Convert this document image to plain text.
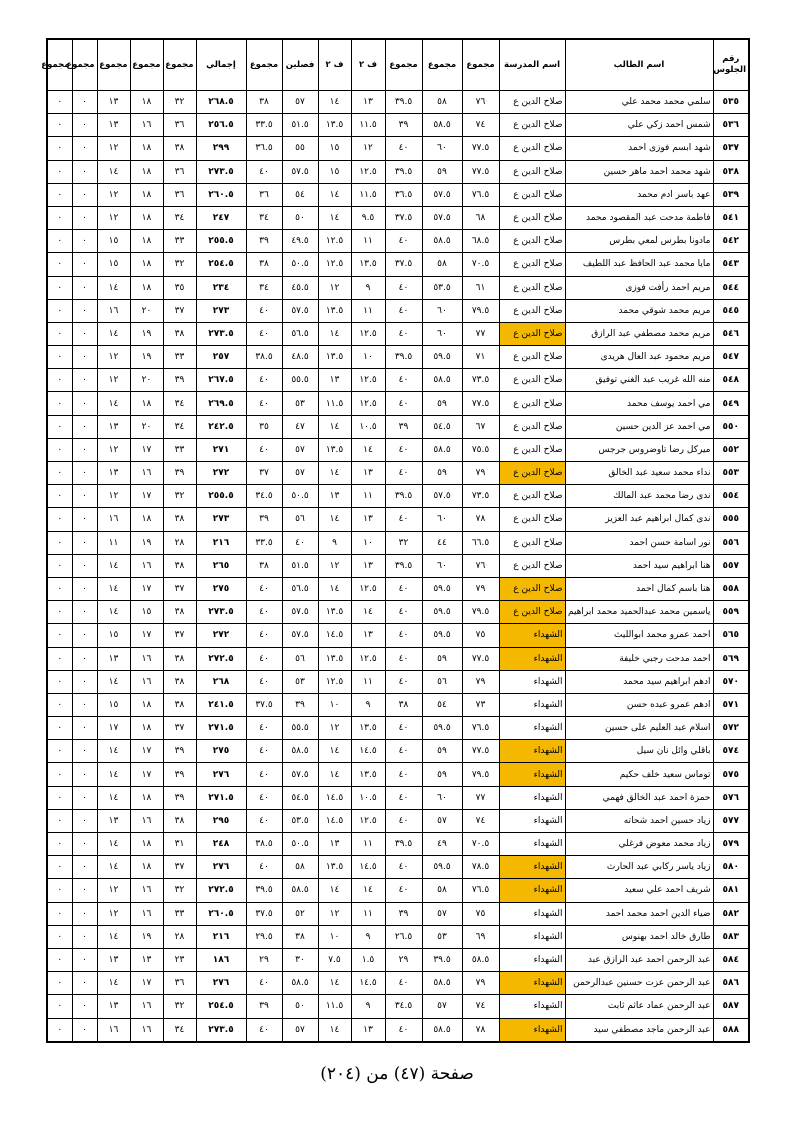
رقم الجلوس	اسم الطالب	اسم المدرسة	مجموع	مجموع	مجموع	ف ٢	ف ٢	فصلين	مجموع	إجمالي	مجموع	مجموع	مجموع	مجموع	مجموع
٥٣٥	سلمي محمد محمد علي	صلاح الدين ع	٧٦	٥٨	٣٩.٥	١٣	١٤	٥٧	٣٨	٢٦٨.٥	٣٢	١٨	١٣	٠	٠
٥٣٦	شمس احمد زكي علي	صلاح الدين ع	٧٤	٥٨.٥	٣٩	١١.٥	١٣.٥	٥١.٥	٣٣.٥	٢٥٦.٥	٣٦	١٦	١٣	٠	٠
٥٣٧	شهد ابسم فوزى احمد	صلاح الدين ع	٧٧.٥	٦٠	٤٠	١٢	١٥	٥٥	٣٦.٥	٢٩٩	٣٨	١٨	١٢	٠	٠
٥٣٨	شهد محمد احمد ماهر حسين	صلاح الدين ع	٧٧.٥	٥٩	٣٩.٥	١٢.٥	١٥	٥٧.٥	٤٠	٢٧٣.٥	٣٦	١٨	١٤	٠	٠
٥٣٩	عهد باسر ادم محمد	صلاح الدين ع	٧٦.٥	٥٧.٥	٣٦.٥	١١.٥	١٤	٥٤	٣٦	٢٦٠.٥	٣٦	١٨	١٢	٠	٠
٥٤١	فاطمة مدحت عبد المقصود محمد	صلاح الدين ع	٦٨	٥٧.٥	٣٧.٥	٩.٥	١٤	٥٠	٣٤	٢٤٧	٣٤	١٨	١٢	٠	٠
٥٤٢	مادونا بطرس لمعي بطرس	صلاح الدين ع	٦٨.٥	٥٨.٥	٤٠	١١	١٢.٥	٤٩.٥	٣٩	٢٥٥.٥	٣٣	١٨	١٥	٠	٠
٥٤٣	مايا محمد عبد الحافظ عبد اللطيف	صلاح الدين ع	٧٠.٥	٥٨	٣٧.٥	١٣.٥	١٢.٥	٥٠.٥	٣٨	٢٥٤.٥	٣٢	١٨	١٥	٠	٠
٥٤٤	مريم احمد رأفت فوزى	صلاح الدين ع	٦١	٥٣.٥	٤٠	٩	١٢	٤٥.٥	٣٤	٢٣٤	٣٥	١٨	١٤	٠	٠
٥٤٥	مريم محمد شوقي محمد	صلاح الدين ع	٧٩.٥	٦٠	٤٠	١١	١٣.٥	٥٧.٥	٤٠	٢٧٣	٣٧	٢٠	١٦	٠	٠
٥٤٦	مريم محمد مصطفي عبد الرازق	صلاح الدين ع	٧٧	٦٠	٤٠	١٢.٥	١٤	٥٦.٥	٤٠	٢٧٣.٥	٣٨	١٩	١٤	٠	٠
٥٤٧	مريم محمود عبد العال هريدى	صلاح الدين ع	٧١	٥٩.٥	٣٩.٥	١٠	١٣.٥	٤٨.٥	٣٨.٥	٢٥٧	٣٣	١٩	١٢	٠	٠
٥٤٨	منه الله غريب عبد الغني توفيق	صلاح الدين ع	٧٣.٥	٥٨.٥	٤٠	١٢.٥	١٣	٥٥.٥	٤٠	٢٦٧.٥	٣٩	٢٠	١٢	٠	٠
٥٤٩	مي احمد يوسف محمد	صلاح الدين ع	٧٧.٥	٥٩	٤٠	١٢.٥	١١.٥	٥٣	٤٠	٢٦٩.٥	٣٤	١٨	١٤	٠	٠
٥٥٠	مي احمد عز الدين حسين	صلاح الدين ع	٦٧	٥٤.٥	٣٩	١٠.٥	١٤	٤٧	٣٥	٢٤٢.٥	٣٤	٢٠	١٣	٠	٠
٥٥٢	ميركل رضا تاوضروس جرجس	صلاح الدين ع	٧٥.٥	٥٨.٥	٤٠	١٤	١٣.٥	٥٧	٤٠	٢٧١	٣٣	١٧	١٢	٠	٠
٥٥٣	نداء محمد سعيد عبد الخالق	صلاح الدين ع	٧٩	٥٩	٤٠	١٣	١٤	٥٧	٣٧	٢٧٢	٣٩	١٦	١٣	٠	٠
٥٥٤	ندى رضا محمد عبد المالك	صلاح الدين ع	٧٣.٥	٥٧.٥	٣٩.٥	١١	١٣	٥٠.٥	٣٤.٥	٢٥٥.٥	٣٢	١٧	١٢	٠	٠
٥٥٥	ندى كمال ابراهيم عبد العزيز	صلاح الدين ع	٧٨	٦٠	٤٠	١٣	١٤	٥٦	٣٩	٢٧٣	٣٨	١٨	١٦	٠	٠
٥٥٦	نور اسامة حسن احمد	صلاح الدين ع	٦٦.٥	٤٤	٣٢	١٠	٩	٤٠	٣٣.٥	٢١٦	٢٨	١٩	١١	٠	٠
٥٥٧	هنا ابراهيم سيد احمد	صلاح الدين ع	٧٦	٦٠	٣٩.٥	١٣	١٢	٥١.٥	٣٨	٢٦٥	٣٨	١٦	١٤	٠	٠
٥٥٨	هنا باسم كمال احمد	صلاح الدين ع	٧٩	٥٩.٥	٤٠	١٢.٥	١٤	٥٦.٥	٤٠	٢٧٥	٣٧	١٧	١٤	٠	٠
٥٥٩	ياسمين محمد عبدالحميد محمد ابراهيم	صلاح الدين ع	٧٩.٥	٥٩.٥	٤٠	١٤	١٣.٥	٥٧.٥	٤٠	٢٧٣.٥	٣٨	١٥	١٤	٠	٠
٥٦٥	احمد عمرو محمد ابوالليث	الشهداء	٧٥	٥٩.٥	٤٠	١٣	١٤.٥	٥٧.٥	٤٠	٢٧٢	٣٧	١٧	١٥	٠	٠
٥٦٩	احمد مدحت رجبي خليفة	الشهداء	٧٧.٥	٥٩	٤٠	١٢.٥	١٣.٥	٥٦	٤٠	٢٧٢.٥	٣٨	١٦	١٣	٠	٠
٥٧٠	ادهم ابراهيم سيد محمد	الشهداء	٧٩	٥٦	٤٠	١١	١٢.٥	٥٣	٤٠	٢٦٨	٣٨	١٦	١٤	٠	٠
٥٧١	ادهم عمرو عبده حسن	الشهداء	٧٣	٥٤	٣٨	٩	١٠	٣٩	٣٧.٥	٢٤١.٥	٣٨	١٨	١٥	٠	٠
٥٧٢	اسلام عبد العليم على حسين	الشهداء	٧٦.٥	٥٩.٥	٤٠	١٣.٥	١٢	٥٥.٥	٤٠	٢٧١.٥	٣٧	١٨	١٧	٠	٠
٥٧٤	باقلي وائل نان سيل	الشهداء	٧٧.٥	٥٩	٤٠	١٤.٥	١٤	٥٨.٥	٤٠	٢٧٥	٣٩	١٧	١٤	٠	٠
٥٧٥	توماس سعيد خلف حكيم	الشهداء	٧٩.٥	٥٩	٤٠	١٣.٥	١٤	٥٧.٥	٤٠	٢٧٦	٣٩	١٧	١٤	٠	٠
٥٧٦	حمزة احمد عبد الخالق فهمي	الشهداء	٧٧	٦٠	٤٠	١٠.٥	١٤.٥	٥٤.٥	٤٠	٢٧١.٥	٣٩	١٨	١٤	٠	٠
٥٧٧	زياد حسين احمد شحاته	الشهداء	٧٤	٥٧	٤٠	١٢.٥	١٤.٥	٥٣.٥	٤٠	٢٩٥	٣٨	١٦	١٣	٠	٠
٥٧٩	زياد محمد معوض فرغلي	الشهداء	٧٠.٥	٤٩	٣٩.٥	١١	١٣	٥٠.٥	٣٨.٥	٢٤٨	٣١	١٨	١٤	٠	٠
٥٨٠	زياد ياسر ركابي عبد الحارث	الشهداء	٧٨.٥	٥٩.٥	٤٠	١٤.٥	١٣.٥	٥٨	٤٠	٢٧٦	٣٧	١٨	١٤	٠	٠
٥٨١	شريف احمد علي سعيد	الشهداء	٧٦.٥	٥٨	٤٠	١٤	١٤	٥٨.٥	٣٩.٥	٢٧٢.٥	٣٢	١٦	١٢	٠	٠
٥٨٢	ضياء الدين احمد محمد احمد	الشهداء	٧٥	٥٧	٣٩	١١	١٢	٥٢	٣٧.٥	٢٦٠.٥	٣٣	١٦	١٢	٠	٠
٥٨٣	طارق خالد احمد بهنوس	الشهداء	٦٩	٥٣	٢٦.٥	٩	١٠	٣٨	٢٩.٥	٢١٦	٢٨	١٩	١٤	٠	٠
٥٨٤	عبد الرحمن احمد عبد الرازق عبد	الشهداء	٥٨.٥	٣٩.٥	٢٩	١.٥	٧.٥	٣٠	٢٩	١٨٦	٢٣	١٣	١٣	٠	٠
٥٨٦	عبد الرحمن عزت حسنين عبدالرحمن	الشهداء	٧٩	٥٨.٥	٤٠	١٤.٥	١٤	٥٨.٥	٤٠	٢٧٦	٣٦	١٧	١٤	٠	٠
٥٨٧	عبد الرحمن عماد عاثم ثابت	الشهداء	٧٤	٥٧	٣٤.٥	٩	١١.٥	٥٠	٣٩	٢٥٤.٥	٣٢	١٦	١٣	٠	٠
٥٨٨	عبد الرحمن ماجد مصطفي سيد	الشهداء	٧٨	٥٨.٥	٤٠	١٣	١٤	٥٧	٤٠	٢٧٣.٥	٣٤	١٦	١٦	٠	٠
صفحة (٤٧) من (٢٠٤)
